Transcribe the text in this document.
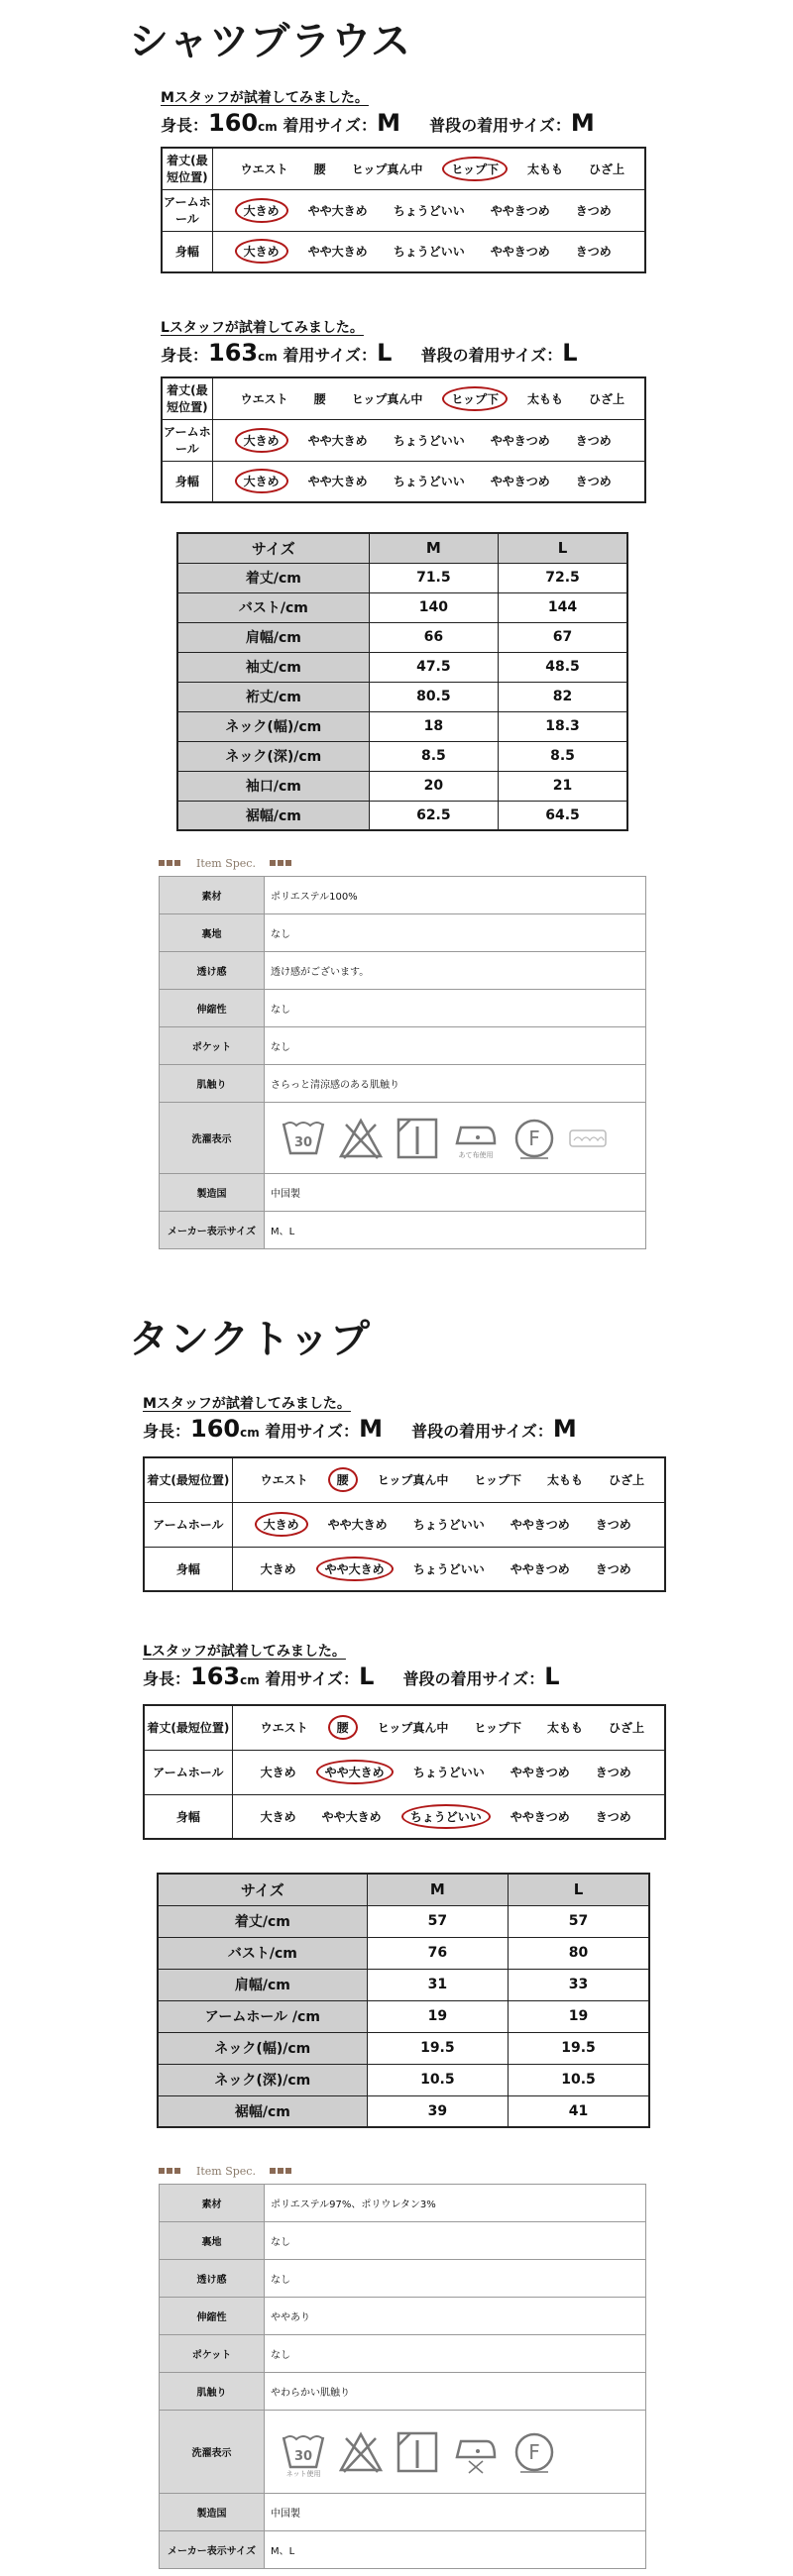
シャツブラウス
Mスタッフが試着してみました。
身長：160cm 着用サイズ：M 普段の着用サイズ：M
着丈(最短位置)	ウエスト 腰 ヒップ真ん中 ヒップ下 太もも ひざ上
アームホール	大きめ やや大きめ ちょうどいい ややきつめ きつめ
身幅	大きめ やや大きめ ちょうどいい ややきつめ きつめ
Lスタッフが試着してみました。
身長：163cm 着用サイズ：L 普段の着用サイズ：L
着丈(最短位置)	ウエスト 腰 ヒップ真ん中 ヒップ下 太もも ひざ上
アームホール	大きめ やや大きめ ちょうどいい ややきつめ きつめ
身幅	大きめ やや大きめ ちょうどいい ややきつめ きつめ
サイズ	M	L
着丈/cm	71.5	72.5
バスト/cm	140	144
肩幅/cm	66	67
袖丈/cm	47.5	48.5
裄丈/cm	80.5	82
ネック(幅)/cm	18	18.3
ネック(深)/cm	8.5	8.5
袖口/cm	20	21
裾幅/cm	62.5	64.5
Item Spec.
素材	ポリエステル100%
裏地	なし
透け感	透け感がございます。
伸縮性	なし
ポケット	なし
肌触り	さらっと清涼感のある肌触り
洗濯表示	30
あて布使用
F

製造国	中国製
メーカー表示サイズ	M、L
タンクトップ
Mスタッフが試着してみました。
身長：160cm 着用サイズ：M 普段の着用サイズ：M
着丈(最短位置)	ウエスト 腰 ヒップ真ん中 ヒップ下 太もも ひざ上
アームホール	大きめ やや大きめ ちょうどいい ややきつめ きつめ
身幅	大きめ やや大きめ ちょうどいい ややきつめ きつめ
Lスタッフが試着してみました。
身長：163cm 着用サイズ：L 普段の着用サイズ：L
着丈(最短位置)	ウエスト 腰 ヒップ真ん中 ヒップ下 太もも ひざ上
アームホール	大きめ やや大きめ ちょうどいい ややきつめ きつめ
身幅	大きめ やや大きめ ちょうどいい ややきつめ きつめ
サイズ	M	L
着丈/cm	57	57
バスト/cm	76	80
肩幅/cm	31	33
アームホール /cm	19	19
ネック(幅)/cm	19.5	19.5
ネック(深)/cm	10.5	10.5
裾幅/cm	39	41
Item Spec.
素材	ポリエステル97%、ポリウレタン3%
裏地	なし
透け感	なし
伸縮性	ややあり
ポケット	なし
肌触り	やわらかい肌触り
洗濯表示	30
ネット使用
F

製造国	中国製
メーカー表示サイズ	M、L
